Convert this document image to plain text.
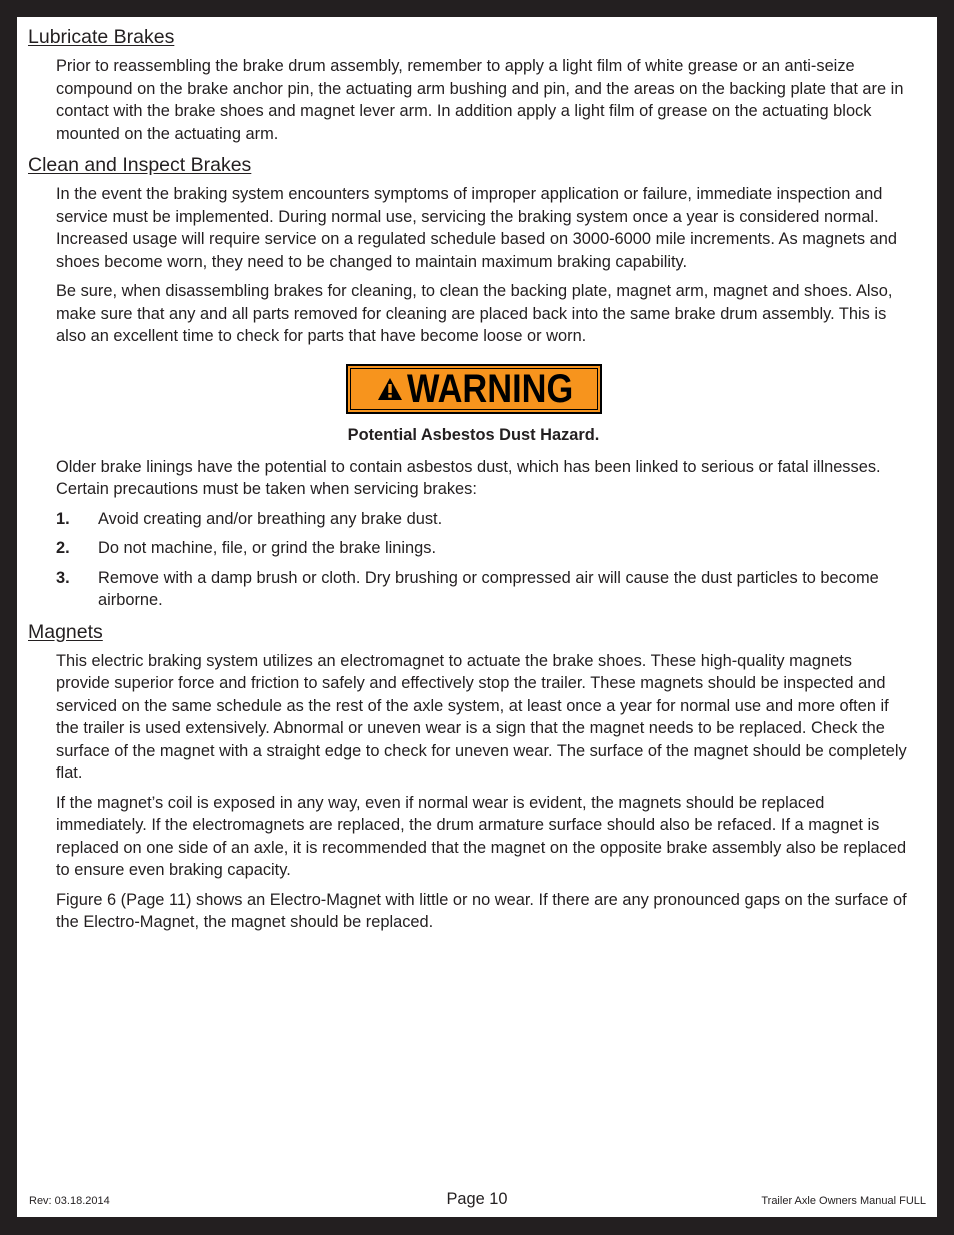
Lubricate Brakes

Prior to reassembling the brake drum assembly, remember to apply a light film of white grease or an anti-seize compound on the brake anchor pin, the actuating arm bushing and pin, and the areas on the backing plate that are in contact with the brake shoes and magnet lever arm. In addition apply a light film of grease on the actuating block mounted on the actuating arm.

Clean and Inspect Brakes

In the event the braking system encounters symptoms of improper application or failure, immediate inspection and service must be implemented. During normal use, servicing the braking system once a year is considered normal. Increased usage will require service on a regulated schedule based on 3000-6000 mile increments. As magnets and shoes become worn, they need to be changed to maintain maximum braking capability.

Be sure, when disassembling brakes for cleaning, to clean the backing plate, magnet arm, magnet and shoes. Also, make sure that any and all parts removed for cleaning are placed back into the same brake drum assembly. This is also an excellent time to check for parts that have become loose or worn.

WARNING
Potential Asbestos Dust Hazard.

Older brake linings have the potential to contain asbestos dust, which has been linked to serious or fatal illnesses. Certain precautions must be taken when servicing brakes:

1.	Avoid creating and/or breathing any brake dust.
2.	Do not machine, file, or grind the brake linings.
3.	Remove with a damp brush or cloth. Dry brushing or compressed air will cause the dust particles to become airborne.
Magnets

This electric braking system utilizes an electromagnet to actuate the brake shoes. These high-quality magnets provide superior force and friction to safely and effectively stop the trailer. These magnets should be inspected and serviced on the same schedule as the rest of the axle system, at least once a year for normal use and more often if the trailer is used extensively. Abnormal or uneven wear is a sign that the magnet needs to be replaced. Check the surface of the magnet with a straight edge to check for uneven wear. The surface of the magnet should be completely flat.

If the magnet’s coil is exposed in any way, even if normal wear is evident, the magnets should be replaced immediately. If the electromagnets are replaced, the drum armature surface should also be refaced. If a magnet is replaced on one side of an axle, it is recommended that the magnet on the opposite brake assembly also be replaced to ensure even braking capacity.

Figure 6 (Page 11) shows an Electro-Magnet with little or no wear. If there are any pronounced gaps on the surface of the Electro-Magnet, the magnet should be replaced.

Rev: 03.18.2014	Page 10	Trailer Axle Owners Manual FULL
